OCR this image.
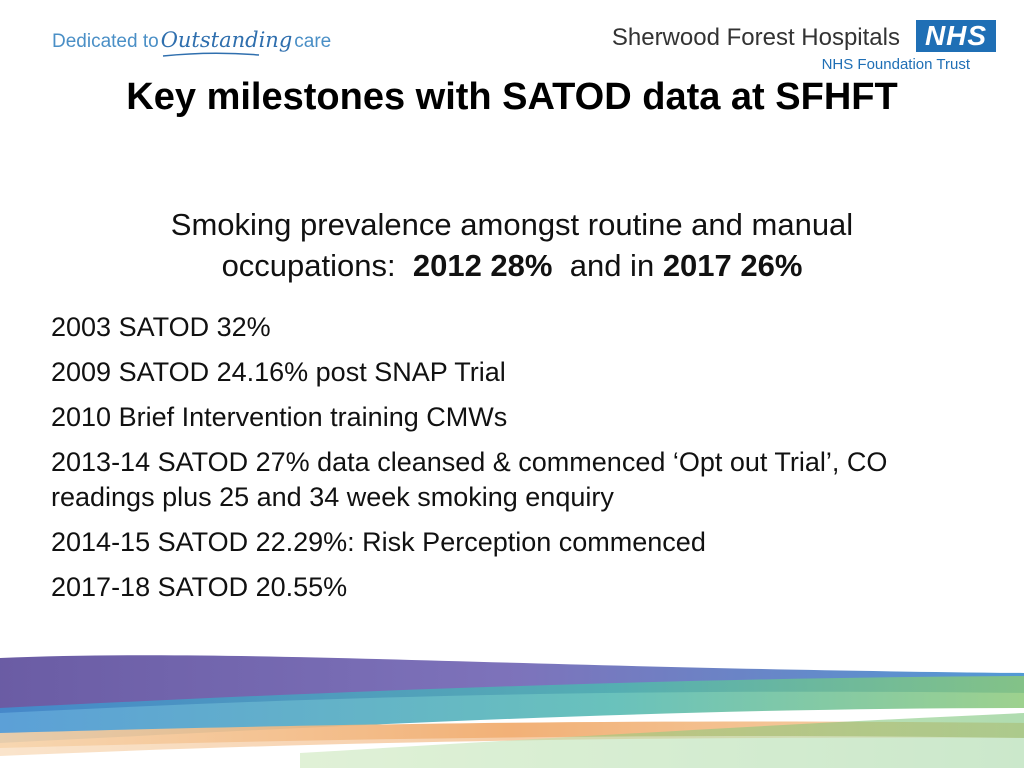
Dedicated to Outstanding care	Sherwood Forest Hospitals
NHS Foundation Trust
NHS
Key milestones with SATOD data at SFHFT
Smoking prevalence amongst routine and manual
occupations: 2012 28% and in 2017 26%
2003 SATOD 32%
2009 SATOD 24.16% post SNAP Trial
2010 Brief Intervention training CMWs
2013-14 SATOD 27% data cleansed & commenced ‘Opt out Trial’, CO readings plus 25 and 34 week smoking enquiry
2014-15 SATOD 22.29%: Risk Perception commenced
2017-18 SATOD 20.55%
